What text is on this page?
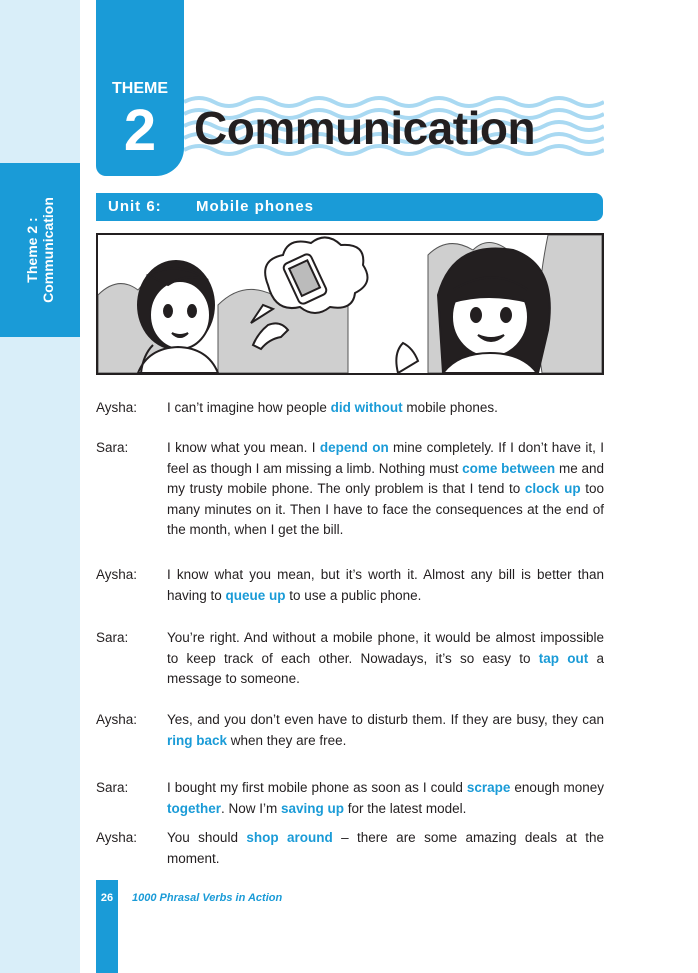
Theme 2 : Communication
THEME
2 Communication
Unit 6: Mobile phones
Aysha: I can’t imagine how people did without mobile phones.
Sara:	I know what you mean. I depend on mine completely. If I don’t have it, I feel as though I am missing a limb. Nothing must come between me and my trusty mobile phone. The only problem is that I tend to clock up too many minutes on it. Then I have to face the consequences at the end of the month, when I get the bill.
Aysha: I know what you mean, but it’s worth it. Almost any bill is better than having to queue up to use a public phone.
Sara:	You’re right. And without a mobile phone, it would be almost impossible to keep track of each other. Nowadays, it’s so easy to tap out a message to someone.
Aysha: Yes, and you don’t even have to disturb them. If they are busy, they can ring back when they are free.
Sara:	I bought my first mobile phone as soon as I could scrape enough money together. Now I’m saving up for the latest model.
Aysha: You should shop around – there are some amazing deals at the moment.
26	1000 Phrasal Verbs in Action
